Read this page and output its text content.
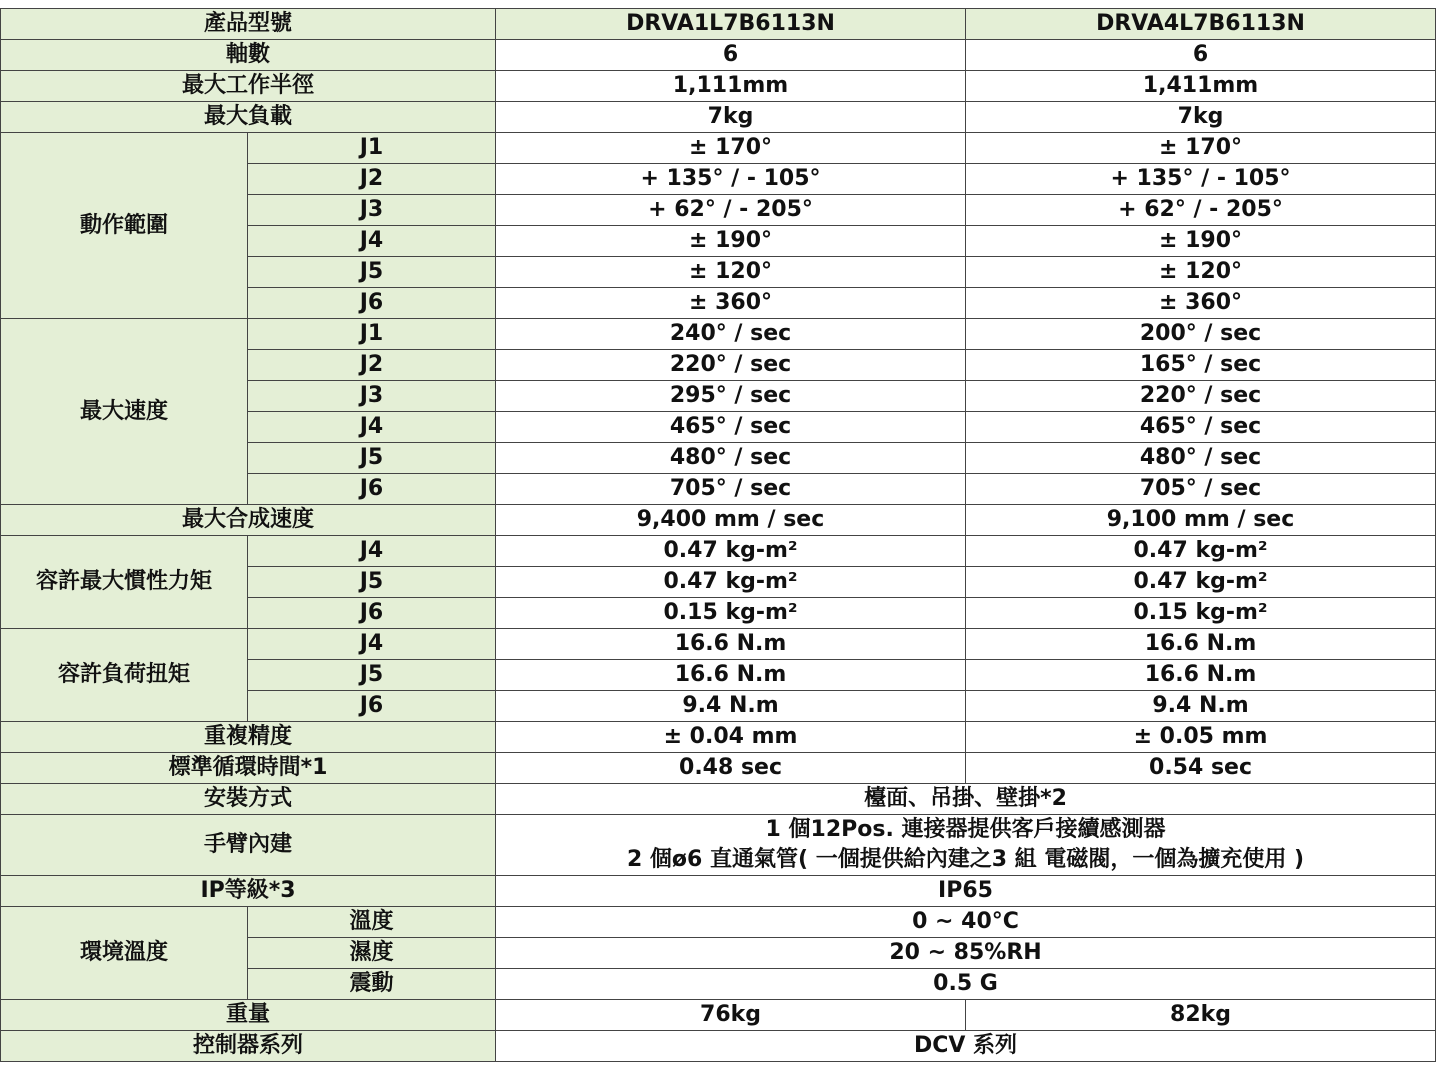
產品型號		DRVA1L7B6113N	DRVA4L7B6113N
軸數		6	6
最大工作半徑		1,111mm	1,411mm
最大負載		7kg	7kg
動作範圍	J1	± 170°	± 170°
	J2	+ 135° / - 105°	+ 135° / - 105°
	J3	+ 62° / - 205°	+ 62° / - 205°
	J4	± 190°	± 190°
	J5	± 120°	± 120°
	J6	± 360°	± 360°
最大速度	J1	240° / sec	200° / sec
	J2	220° / sec	165° / sec
	J3	295° / sec	220° / sec
	J4	465° / sec	465° / sec
	J5	480° / sec	480° / sec
	J6	705° / sec	705° / sec
最大合成速度		9,400 mm / sec	9,100 mm / sec
容許最大慣性力矩	J4	0.47 kg-m²	0.47 kg-m²
	J5	0.47 kg-m²	0.47 kg-m²
	J6	0.15 kg-m²	0.15 kg-m²
容許負荷扭矩	J4	16.6 N.m	16.6 N.m
	J5	16.6 N.m	16.6 N.m
	J6	9.4 N.m	9.4 N.m
重複精度		± 0.04 mm	± 0.05 mm
標準循環時間*1		0.48 sec	0.54 sec
安裝方式		檯面、吊掛、壁掛*2	
手臂內建		1 個12Pos. 連接器提供客戶接續感測器
2 個ø6 直通氣管( 一個提供給內建之3 組 電磁閥，一個為擴充使用 )	

IP等級*3		IP65	
環境溫度	溫度	0 ~ 40°C	
	濕度	20 ~ 85%RH	
	震動	0.5 G	
重量		76kg	82kg
控制器系列		DCV 系列	
